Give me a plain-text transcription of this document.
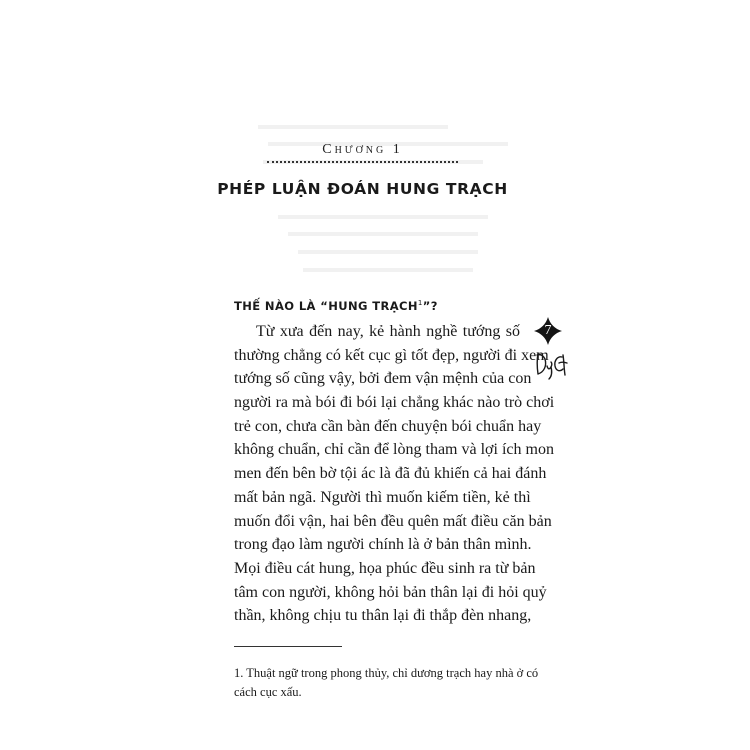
Chương 1
PHÉP LUẬN ĐOÁN HUNG TRẠCH
THẾ NÀO LÀ “HUNG TRẠCH$^1$”?
Từ xưa đến nay, kẻ hành nghề tướng số
thường chẳng có kết cục gì tốt đẹp, người đi xem
tướng số cũng vậy, bởi đem vận mệnh của con
người ra mà bói đi bói lại chẳng khác nào trò chơi
trẻ con, chưa cần bàn đến chuyện bói chuẩn hay
không chuẩn, chỉ cần để lòng tham và lợi ích mon
men đến bên bờ tội ác là đã đủ khiến cả hai đánh
mất bản ngã. Người thì muốn kiếm tiền, kẻ thì
muốn đổi vận, hai bên đều quên mất điều căn bản
trong đạo làm người chính là ở bản thân mình.
Mọi điều cát hung, họa phúc đều sinh ra từ bản
tâm con người, không hỏi bản thân lại đi hỏi quỷ
thần, không chịu tu thân lại đi thắp đèn nhang,
1. Thuật ngữ trong phong thủy, chỉ dương trạch hay nhà ở có
cách cục xấu.
7
